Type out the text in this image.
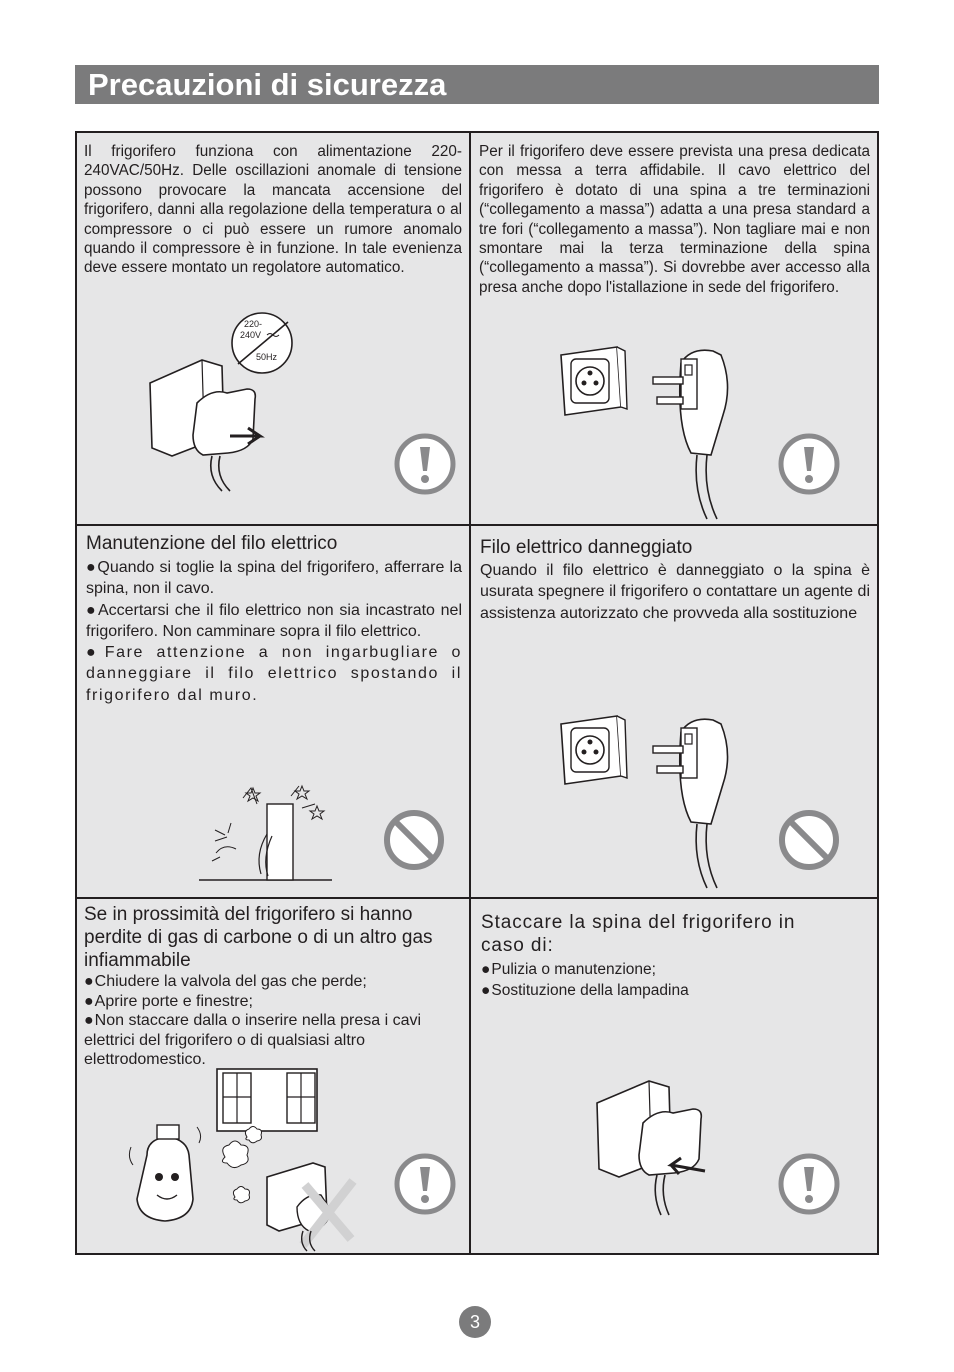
Precauzioni di sicurezza
Il frigorifero funziona con alimentazione 220-240VAC/50Hz. Delle oscillazioni anomale di tensione possono provocare la mancata accensione del frigorifero, danni alla regolazione della temperatura o al compressore o ci può essere un rumore anomalo quando il compressore è in funzione. In tale evenienza deve essere montato un regolatore automatico.
220-
240V
50Hz
Per il frigorifero deve essere prevista una presa dedicata con messa a terra affidabile. Il cavo elettrico del frigorifero è dotato di una spina a tre terminazioni (“collegamento a massa”) adatta a una presa standard a tre fori (“collegamento a massa”). Non tagliare mai e non smontare mai la terza terminazione della spina (“collegamento a massa”). Si dovrebbe aver accesso alla presa anche dopo l'istallazione in sede del frigorifero.
Manutenzione del filo elettrico

● Quando si toglie la spina del frigorifero, afferrare la spina, non il cavo.

● Accertarsi che il filo elettrico non sia incastrato nel frigorifero. Non camminare sopra il filo elettrico.

● Fare attenzione a non ingarbugliare o danneggiare il filo elettrico spostando il frigorifero dal muro.

Filo elettrico danneggiato
Quando il filo elettrico è danneggiato o la spina è usurata spegnere il frigorifero o contattare un agente di assistenza autorizzato che provveda alla sostituzione
Se in prossimità del frigorifero si hanno perdite di gas di carbone o di un altro gas infiammabile

● Chiudere la valvola del gas che perde;

● Aprire porte e finestre;

● Non staccare dalla o inserire nella presa i cavi elettrici del frigorifero o di qualsiasi altro elettrodomestico.

Staccare la spina del frigorifero in caso di:

● Pulizia o manutenzione;

● Sostituzione della lampadina

3
